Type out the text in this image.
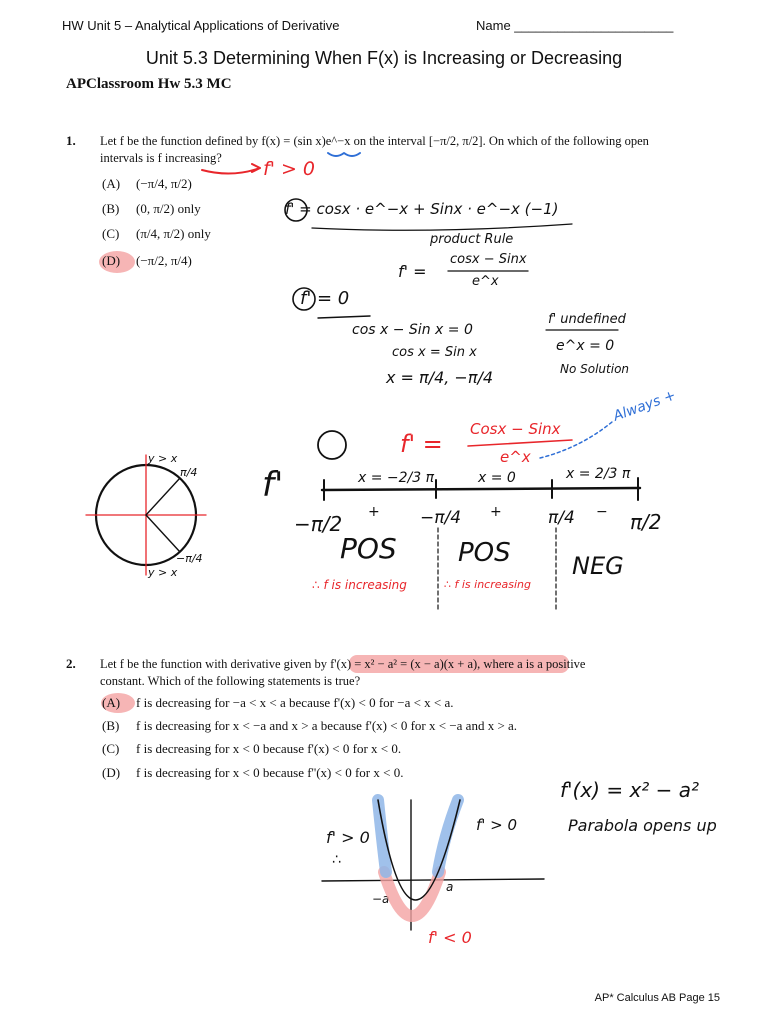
HW Unit 5 – Analytical Applications of Derivative	Name ______________________
Unit 5.3 Determining When F(x) is Increasing or Decreasing
APClassroom Hw 5.3 MC
1. Let f be the function defined by f(x) = (sin x)e^−x on the interval [−π/2, π/2]. On which of the following open
intervals is f increasing?
(A) (−π/4, π/2)
(B) (0, π/2) only
(C) (π/4, π/2) only
(D) (−π/2, π/4)
f' > 0
f' = cosx · e^−x + Sinx · e^−x (−1)
product Rule
f' =
cosx − Sinx
e^x
f' = 0
cos x − Sin x = 0
cos x = Sin x
x = π/4, −π/4
f' undefined
e^x = 0
No Solution
f' =
Cosx − Sinx
e^x
Always +
f'	x = −2/3 π	x = 0	x = 2/3 π
−π/2	−π/4	π/4	π/2
+
+	−
POS POS	NEG
∴ f is increasing	∴ f is increasing
y > x
π/4
y > x
−π/4
2. Let f be the function with derivative given by f'(x) = x² − a² = (x − a)(x + a), where a is a positive
constant. Which of the following statements is true?
(A) f is decreasing for −a < x < a because f'(x) < 0 for −a < x < a.
(B) f is decreasing for x < −a and x > a because f'(x) < 0 for x < −a and x > a.
(C) f is decreasing for x < 0 because f'(x) < 0 for x < 0.
(D) f is decreasing for x < 0 because f''(x) < 0 for x < 0.
f'(x) = x² − a²
Parabola opens up
f' > 0
f' > 0
f' < 0
−a
a
∴
AP* Calculus AB Page 15
